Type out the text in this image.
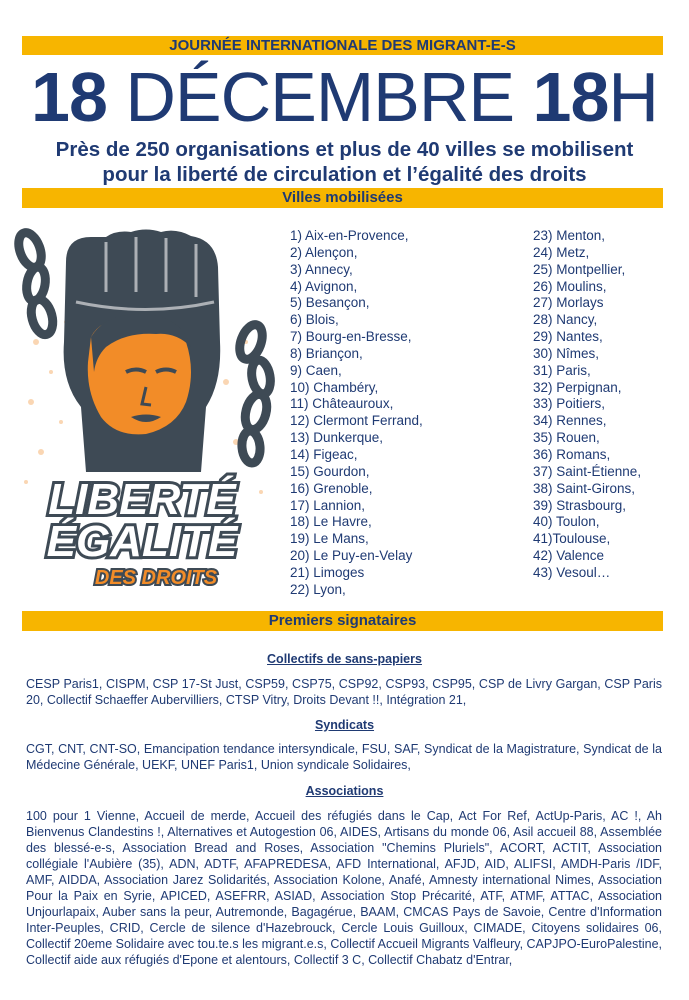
JOURNÉE INTERNATIONALE DES MIGRANT-E-S
18 DÉCEMBRE 18H
Près de 250 organisations et plus de 40 villes se mobilisent
pour la liberté de circulation et l’égalité des droits
Villes mobilisées
LIBERTÉ
ÉGALITÉ
DES DROITS
1) Aix-en-Provence,
2) Alençon,
3) Annecy,
4) Avignon,
5) Besançon,
6) Blois,
7) Bourg-en-Bresse,
8) Briançon,
9) Caen,
10) Chambéry,
11) Châteauroux,
12) Clermont Ferrand,
13) Dunkerque,
14) Figeac,
15) Gourdon,
16) Grenoble,
17) Lannion,
18) Le Havre,
19) Le Mans,
20) Le Puy-en-Velay
21) Limoges
22) Lyon,
23) Menton,
24) Metz,
25) Montpellier,
26) Moulins,
27) Morlays
28) Nancy,
29) Nantes,
30) Nîmes,
31) Paris,
32) Perpignan,
33) Poitiers,
34) Rennes,
35) Rouen,
36) Romans,
37) Saint-Étienne,
38) Saint-Girons,
39) Strasbourg,
40) Toulon,
41)Toulouse,
42) Valence
43) Vesoul…
Premiers signataires
Collectifs de sans-papiers
CESP Paris1, CISPM, CSP 17-St Just, CSP59, CSP75, CSP92, CSP93, CSP95, CSP de Livry Gargan, CSP Paris 20, Collectif Schaeffer Aubervilliers, CTSP Vitry, Droits Devant !!, Intégration 21,
Syndicats
CGT, CNT, CNT-SO, Emancipation tendance intersyndicale, FSU, SAF, Syndicat de la Magistrature, Syndicat de la Médecine Générale, UEKF, UNEF Paris1, Union syndicale Solidaires,
Associations
100 pour 1 Vienne, Accueil de merde, Accueil des réfugiés dans le Cap, Act For Ref, ActUp-Paris, AC !, Ah Bienvenus Clandestins !, Alternatives et Autogestion 06, AIDES, Artisans du monde 06, Asil accueil 88, Assemblée des blessé-e-s, Association Bread and Roses, Association "Chemins Pluriels", ACORT, ACTIT, Association collégiale l'Aubière (35), ADN, ADTF, AFAPREDESA, AFD International, AFJD, AID, ALIFSI, AMDH-Paris /IDF, AMF, AIDDA, Association Jarez Solidarités, Association Kolone, Anafé, Amnesty international Nimes, Association Pour la Paix en Syrie, APICED, ASEFRR, ASIAD, Association Stop Précarité, ATF, ATMF, ATTAC, Association Unjourlapaix, Auber sans la peur, Autremonde, Bagagérue, BAAM, CMCAS Pays de Savoie, Centre d'Information Inter-Peuples, CRID, Cercle de silence d'Hazebrouck, Cercle Louis Guilloux, CIMADE, Citoyens solidaires 06, Collectif 20eme Solidaire avec tou.te.s les migrant.e.s, Collectif Accueil Migrants Valfleury, CAPJPO-EuroPalestine, Collectif aide aux réfugiés d'Epone et alentours, Collectif 3 C, Collectif Chabatz d'Entrar,
